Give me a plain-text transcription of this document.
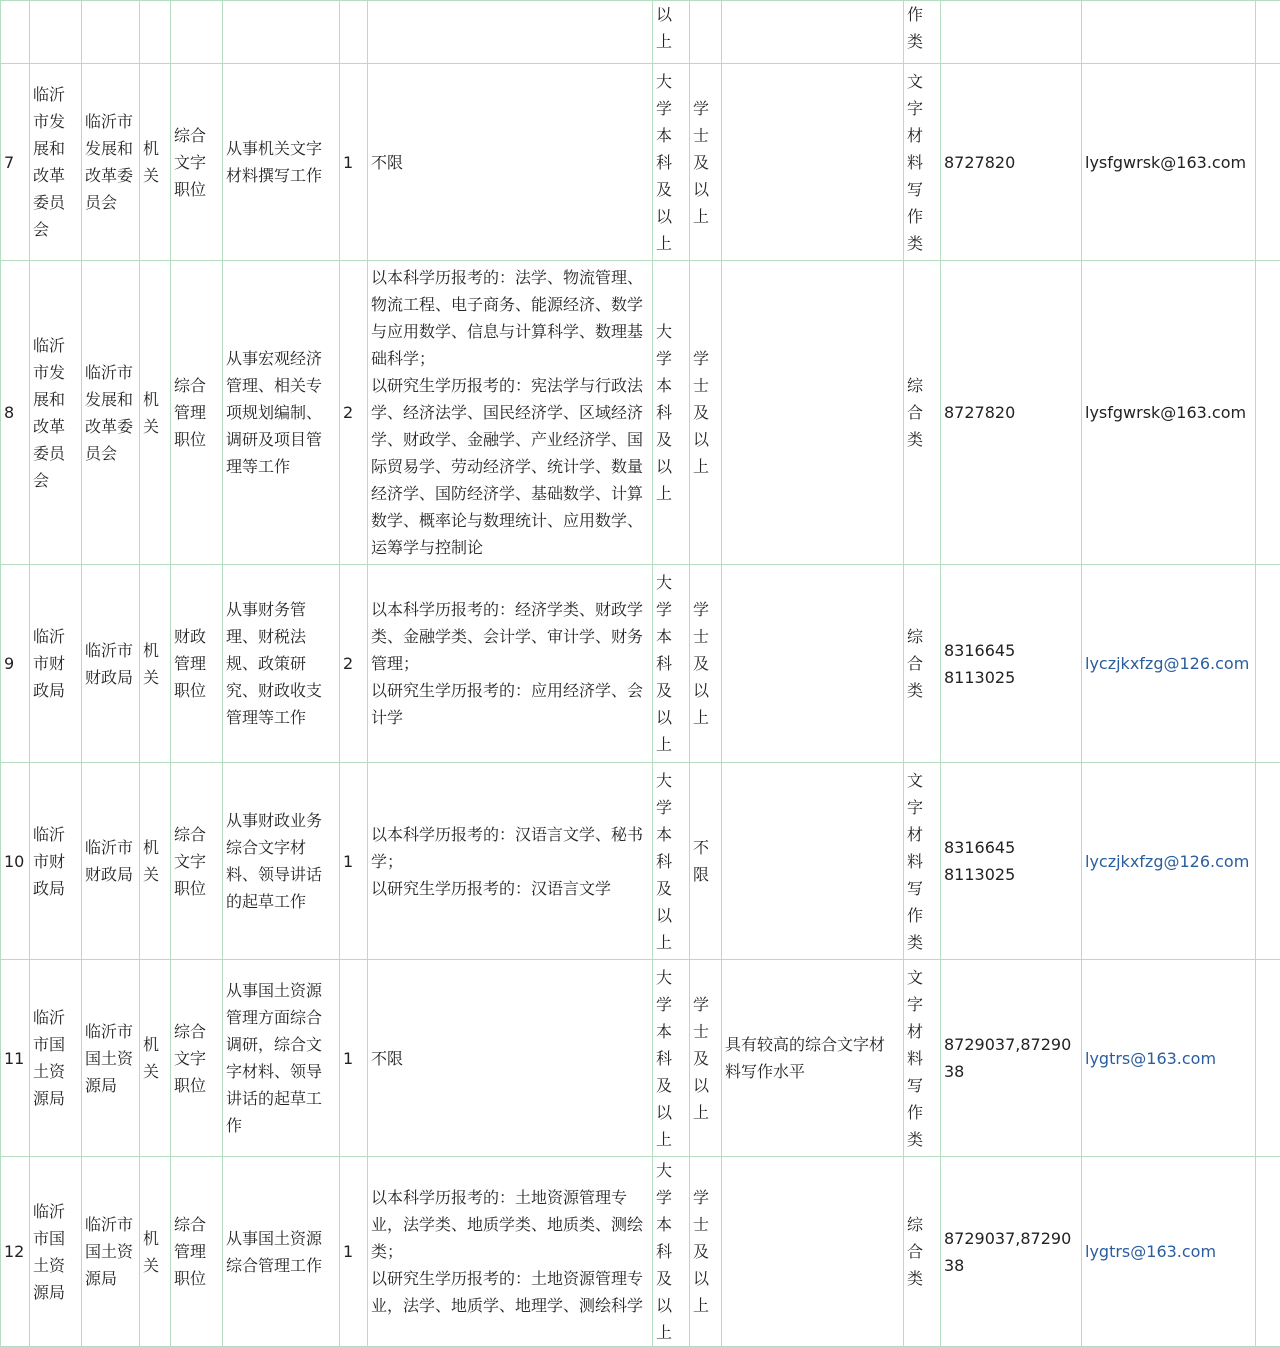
								以上			作类			
7	临沂市发展和改革委员会	临沂市发展和改革委员会	机关	综合文字职位	从事机关文字材料撰写工作	1	不限	大学本科及以上	学士及以上		文字材料写作类	8727820	lysfgwrsk@163.com	
8	临沂市发展和改革委员会	临沂市发展和改革委员会	机关	综合管理职位	从事宏观经济管理、相关专项规划编制、调研及项目管理等工作	2	以本科学历报考的：法学、物流管理、物流工程、电子商务、能源经济、数学与应用数学、信息与计算科学、数理基础科学；
以研究生学历报考的：宪法学与行政法学、经济法学、国民经济学、区域经济学、财政学、金融学、产业经济学、国际贸易学、劳动经济学、统计学、数量经济学、国防经济学、基础数学、计算数学、概率论与数理统计、应用数学、运筹学与控制论	大学本科及以上	学士及以上		综合类	8727820	lysfgwrsk@163.com	
9	临沂市财政局	临沂市财政局	机关	财政管理职位	从事财务管理、财税法规、政策研究、财政收支管理等工作	2	以本科学历报考的：经济学类、财政学类、金融学类、会计学、审计学、财务管理；
以研究生学历报考的：应用经济学、会计学	大学本科及以上	学士及以上		综合类	8316645
8113025	lyczjkxfzg@126.com	
10	临沂市财政局	临沂市财政局	机关	综合文字职位	从事财政业务综合文字材料、领导讲话的起草工作	1	以本科学历报考的：汉语言文学、秘书学；
以研究生学历报考的：汉语言文学	大学本科及以上	不限		文字材料写作类	8316645
8113025	lyczjkxfzg@126.com	
11	临沂市国土资源局	临沂市国土资源局	机关	综合文字职位	从事国土资源管理方面综合调研，综合文字材料、领导讲话的起草工作	1	不限	大学本科及以上	学士及以上	具有较高的综合文字材料写作水平	文字材料写作类	8729037,8729038	lygtrs@163.com	
12	临沂市国土资源局	临沂市国土资源局	机关	综合管理职位	从事国土资源综合管理工作	1	以本科学历报考的：土地资源管理专业，法学类、地质学类、地质类、测绘类；
以研究生学历报考的：土地资源管理专业，法学、地质学、地理学、测绘科学	大学本科及以上	学士及以上		综合类	8729037,8729038	lygtrs@163.com	
